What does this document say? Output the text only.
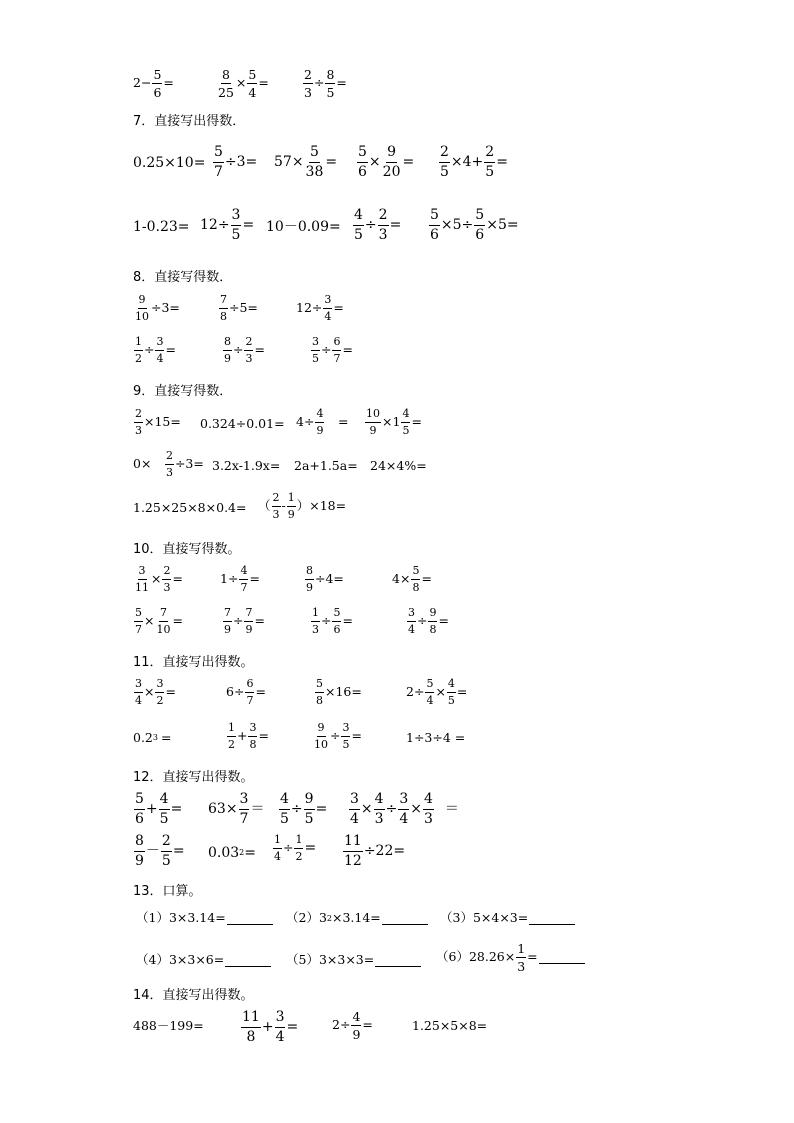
$2- \frac{5}{6}$ =	$\frac{8}{25} \times \frac{5}{4}$ =	$\frac{2}{3} \div \frac{8}{5}$ =
7．直接写出得数．
$0.25\times 10= \frac{5}{7} \div 3= 57\times \frac{5}{38} = \frac{5}{6} \times \frac{9}{20} = \frac{2}{5} \times 4+ \frac{2}{5}$ =
$1-0.23= 12\div \frac{3}{5} = 10-0.09= \frac{4}{5} \div \frac{2}{3} = \frac{5}{6} \times 5\div \frac{5}{6} \times 5=$
8．直接写得数．
$\frac{9}{10} \div 3=$	$\frac{7}{8} \div 5=$	$12\div \frac{3}{4}$ =
$\frac{1}{2} \div \frac{3}{4}$ =	$\frac{8}{9} \div \frac{2}{3}$ =	$\frac{3}{5} \div \frac{6}{7}$ =
9．直接写得数．
$\frac{2}{3} \times 15= 0.324\div 0.01= 4\div \frac{4}{9}$ 　= $\frac{10}{9} \times 1 \frac{4}{5}$ =
0×　 $\frac{2}{3} \div 3= 3.2x-1.9x= 2a+1.5a= 24\times 4\%=$
1.25×25×8×0.4= （ $\frac{2}{3} - \frac{1}{9} )\times 18=$
10．直接写得数。
$\frac{3}{11} \times \frac{2}{3}$ =	$1\div \frac{4}{7}$ =	$\frac{8}{9} \div 4=$	$4\times \frac{5}{8}$ =
$\frac{5}{7} \times \frac{7}{10}$ =	$\frac{7}{9} \div \frac{7}{9}$ =	$\frac{1}{3} \div \frac{5}{6}$ =	$\frac{3}{4} \div \frac{9}{8}$ =
11．直接写出得数。
$\frac{3}{4} \times \frac{3}{2}$ =	$6\div \frac{6}{7}$ =	$\frac{5}{8} \times 16=$	$2\div \frac{5}{4} \times \frac{4}{5}$ =
0.2 3 =	$\frac{1}{2} + \frac{3}{8}$ =	$\frac{9}{10} \div \frac{3}{5}$ =	1÷3÷4 =
12．直接写出得数。
$\frac{5}{6} + \frac{4}{5} = 63\times \frac{3}{7} = \frac{4}{5} \div \frac{9}{5} = \frac{3}{4} \times \frac{4}{3} \div \frac{3}{4} \times \frac{4}{3}$ ＝
$\frac{8}{9} - \frac{2}{5} = 0.03$ $2 = \frac{1}{4} \div \frac{1}{2} = \frac{11}{12} \div 22=$
13．口算。
（1）3×3.14=	（2）3 2 ×3.14=	（3）5×4×3=
（4）3×3×6=	（5）3×3×3=	$(6)28.26\times \frac{1}{3}$ =
14．直接写出得数。
488－199=	$\frac{11}{8} + \frac{3}{4}$ =	$2\div \frac{4}{9}$ =	1.25×5×8=
